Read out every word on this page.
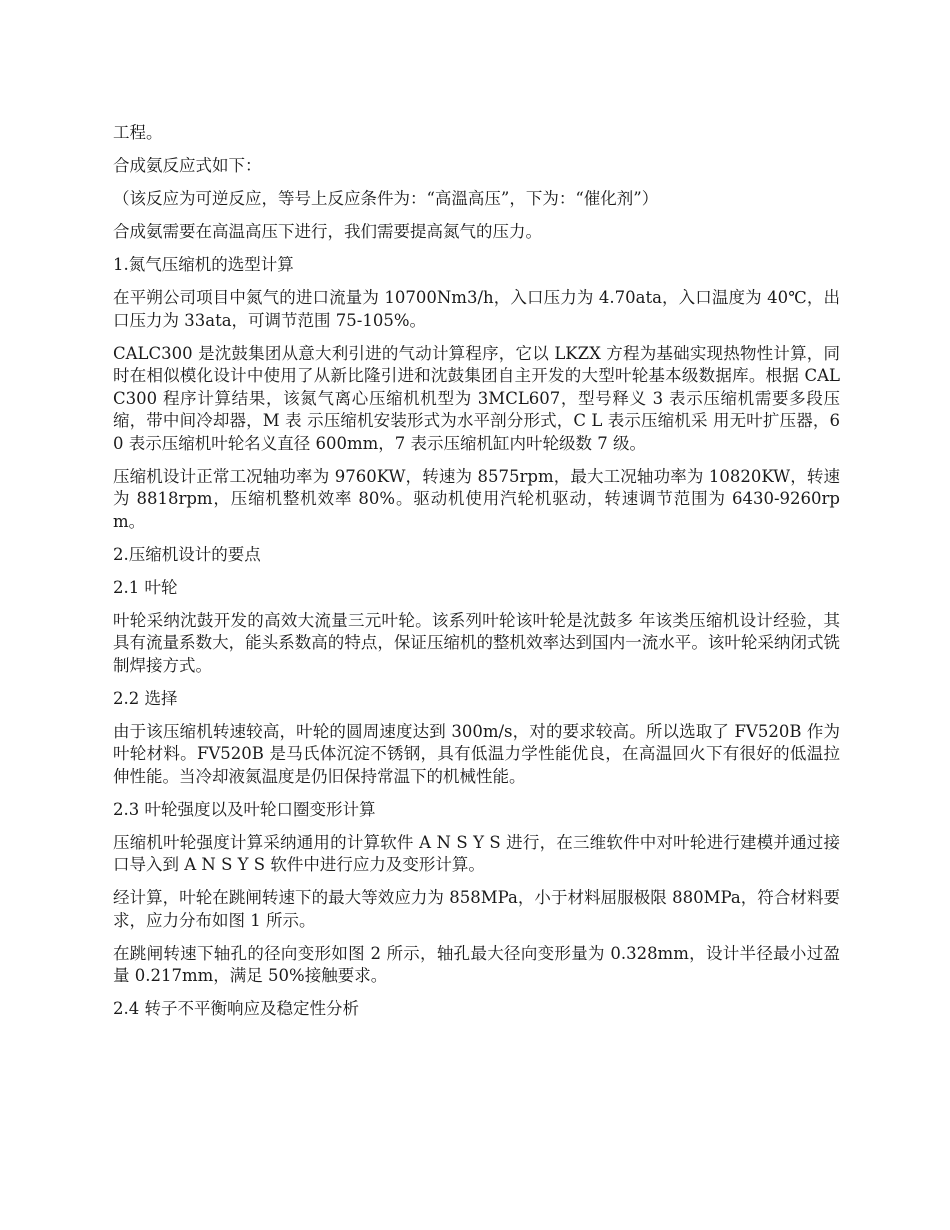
工程。

合成氨反应式如下：

（该反应为可逆反应，等号上反应条件为：“高溫高压”，下为：“催化剂”）

合成氨需要在高温高压下进行，我们需要提高氮气的压力。

1.氮气压缩机的选型计算

在平朔公司项目中氮气的进口流量为 10700Nm3/h，入口压力为 4.70ata，入口温度为 40℃，出口压力为 33ata，可调节范围 75-105%。

CALC300 是沈鼓集团从意大利引进的气动计算程序，它以 LKZX 方程为基础实现热物性计算，同时在相似模化设计中使用了从新比隆引进和沈鼓集团自主开发的大型叶轮基本级数据库。根据 CALC300 程序计算结果，该氮气离心压缩机机型为 3MCL607，型号释义 3 表示压缩机需要多段压缩，带中间冷却器，M 表 示压缩机安装形式为水平剖分形式，C L 表示压缩机采 用无叶扩压器，60 表示压缩机叶轮名义直径 600mm，7 表示压缩机缸内叶轮级数 7 级。

压缩机设计正常工况轴功率为 9760KW，转速为 8575rpm，最大工况轴功率为 10820KW，转速为 8818rpm，压缩机整机效率 80%。驱动机使用汽轮机驱动，转速调节范围为 6430-9260rpm。

2.压缩机设计的要点

2.1 叶轮

叶轮采纳沈鼓开发的高效大流量三元叶轮。该系列叶轮该叶轮是沈鼓多 年该类压缩机设计经验，其具有流量系数大，能头系数高的特点，保证压缩机的整机效率达到国内一流水平。该叶轮采纳闭式铣制焊接方式。

2.2 选择

由于该压缩机转速较高，叶轮的圆周速度达到 300m/s，对的要求较高。所以选取了 FV520B 作为叶轮材料。FV520B 是马氏体沉淀不锈钢，具有低温力学性能优良，在高温回火下有很好的低温拉伸性能。当冷却液氮温度是仍旧保持常温下的机械性能。

2.3 叶轮强度以及叶轮口圈变形计算

压缩机叶轮强度计算采纳通用的计算软件 A N S Y S 进行，在三维软件中对叶轮进行建模并通过接口导入到 A N S Y S 软件中进行应力及变形计算。

经计算，叶轮在跳闸转速下的最大等效应力为 858MPa，小于材料屈服极限 880MPa，符合材料要求，应力分布如图 1 所示。

在跳闸转速下轴孔的径向变形如图 2 所示，轴孔最大径向变形量为 0.328mm，设计半径最小过盈量 0.217mm，满足 50%接触要求。

2.4 转子不平衡响应及稳定性分析
